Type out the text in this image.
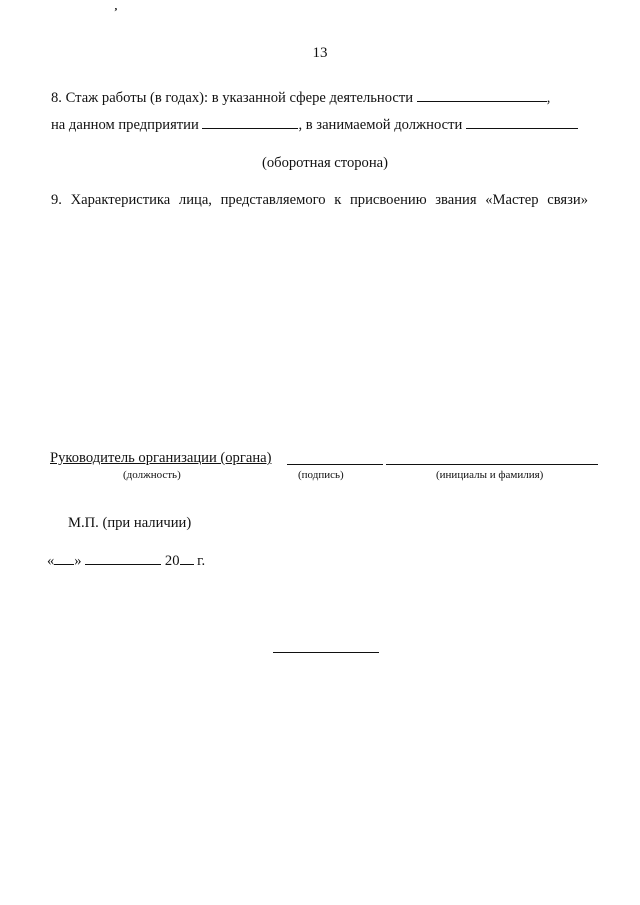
ʼ
13
8. Стаж работы (в годах): в указанной сфере деятельности	,
на данном предприятии	, в занимаемой должности
(оборотная сторона)
9. Характеристика лица, представляемого к присвоению звания «Мастер связи»
Руководитель организации (органа)
(должность)	(подпись)	(инициалы и фамилия)
М.П. (при наличии)
« »	20 г.
